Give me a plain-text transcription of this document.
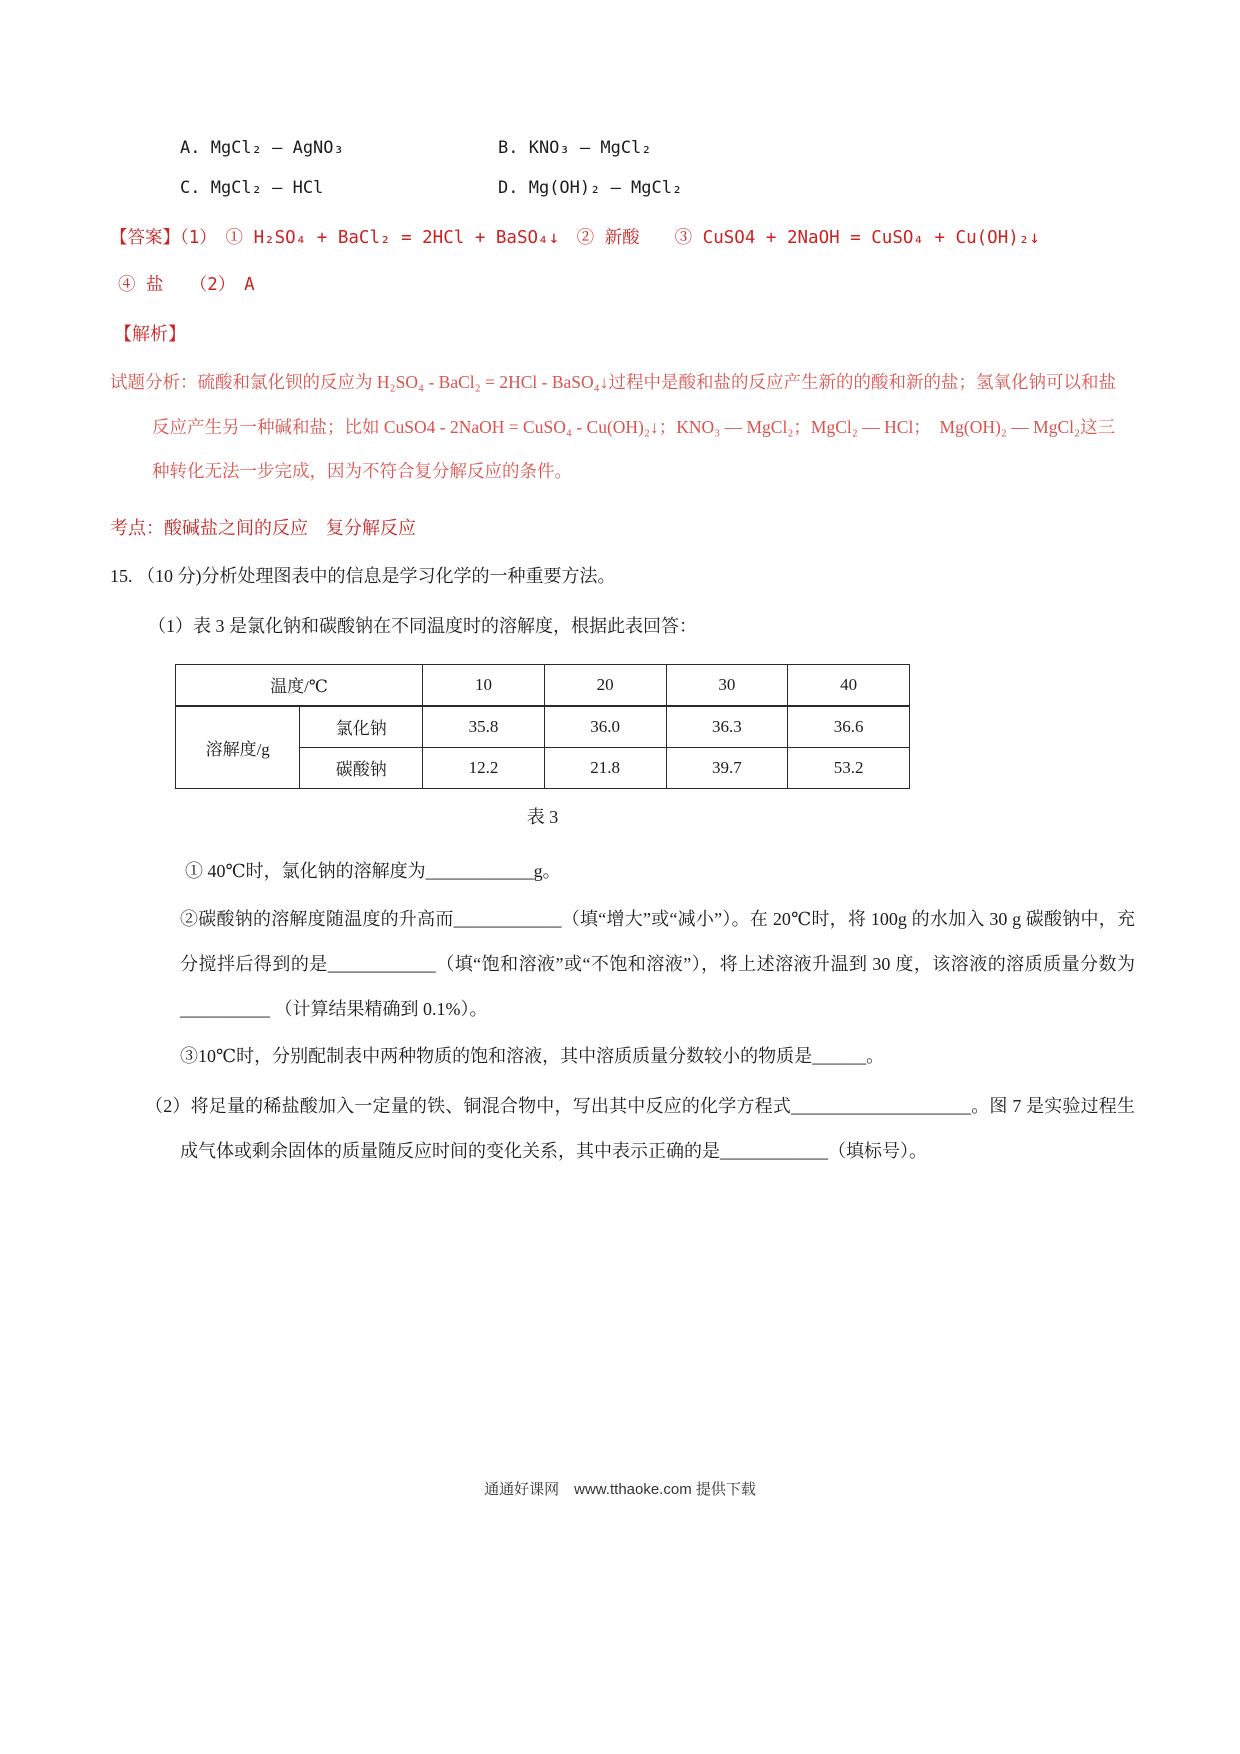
A. MgCl₂ — AgNO₃	B. KNO₃ — MgCl₂
C. MgCl₂ — HCl	D. Mg(OH)₂ — MgCl₂
【答案】（1）　① H₂SO₄ + BaCl₂ = 2HCl + BaSO₄↓　② 新酸　　③ CuSO4 + 2NaOH = CuSO₄ + Cu(OH)₂↓
④ 盐　　（2）　A
【解析】
试题分析：硫酸和氯化钡的反应为 H₂SO₄ - BaCl₂ = 2HCl - BaSO₄↓过程中是酸和盐的反应产生新的的酸和新的盐；氢氧化钠可以和盐反应产生另一种碱和盐；比如 CuSO4 - 2NaOH = CuSO₄ - Cu(OH)₂↓；KNO₃ — MgCl₂；MgCl₂ — HCl；　Mg(OH)₂ — MgCl₂这三种转化无法一步完成，因为不符合复分解反应的条件。
考点：酸碱盐之间的反应　复分解反应
15. （10 分)分析处理图表中的信息是学习化学的一种重要方法。
（1）表 3 是氯化钠和碳酸钠在不同温度时的溶解度，根据此表回答：
温度/℃		10	20	30	40
溶解度/g	氯化钠	35.8	36.0	36.3	36.6
	碳酸钠	12.2	21.8	39.7	53.2
表 3
① 40℃时，氯化钠的溶解度为____________g。
②碳酸钠的溶解度随温度的升高而____________（填“增大”或“减小”）。在 20℃时，将 100g 的水加入 30 g 碳酸钠中，充分搅拌后得到的是____________（填“饱和溶液”或“不饱和溶液”），将上述溶液升温到 30 度，该溶液的溶质质量分数为__________ （计算结果精确到 0.1%）。
③10℃时，分别配制表中两种物质的饱和溶液，其中溶质质量分数较小的物质是______。
（2）将足量的稀盐酸加入一定量的铁、铜混合物中，写出其中反应的化学方程式____________________。图 7 是实验过程生成气体或剩余固体的质量随反应时间的变化关系，其中表示正确的是____________（填标号）。
通通好课网　www.tthaoke.com 提供下载
